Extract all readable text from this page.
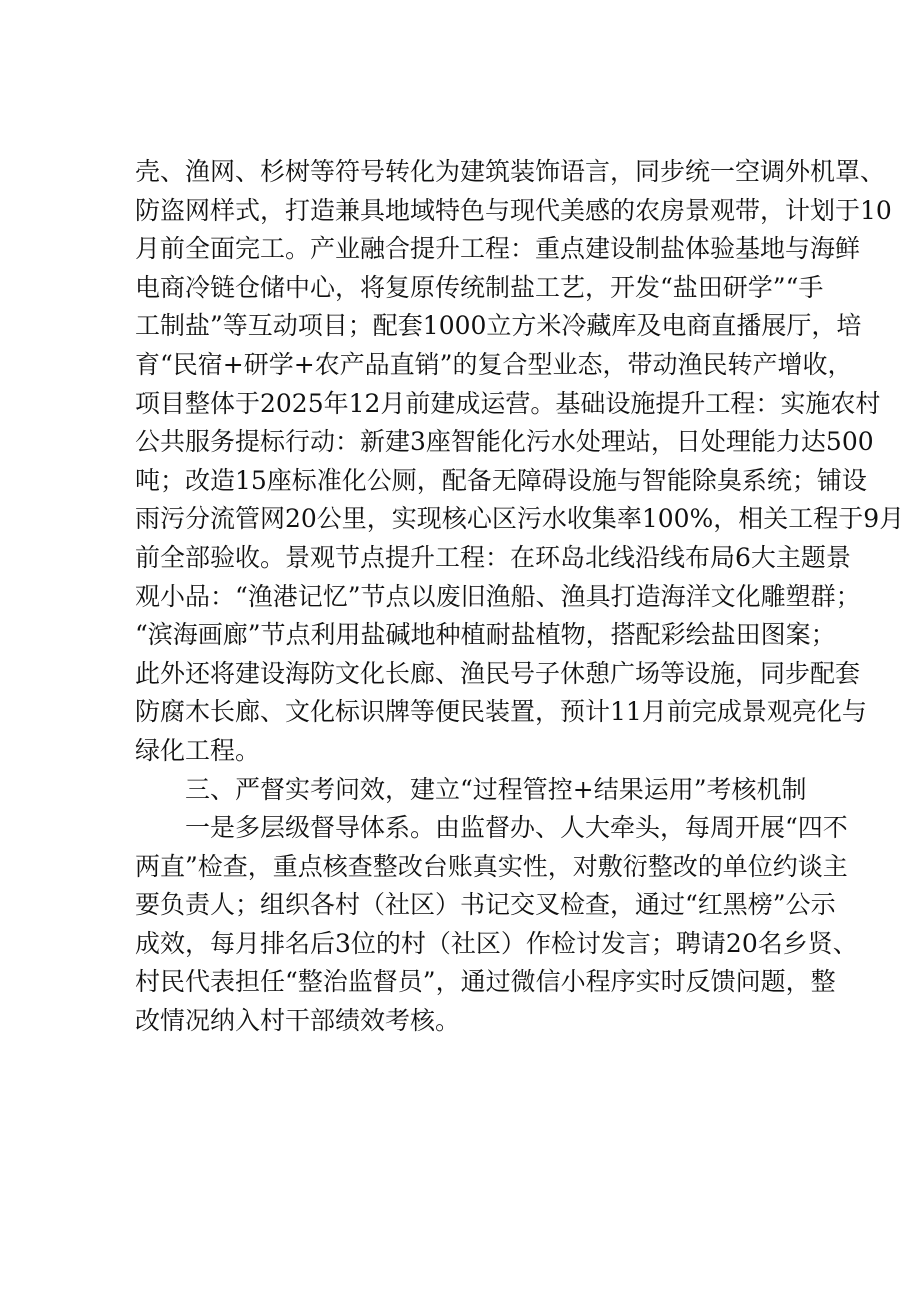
壳、渔网、杉树等符号转化为建筑装饰语言，同步统一空调外机罩、
防盗网样式，打造兼具地域特色与现代美感的农房景观带，计划于10
月前全面完工。产业融合提升工程：重点建设制盐体验基地与海鲜
电商冷链仓储中心，将复原传统制盐工艺，开发“盐田研学”“手
工制盐”等互动项目；配套1000立方米冷藏库及电商直播展厅，培
育“民宿+研学+农产品直销”的复合型业态，带动渔民转产增收，
项目整体于2025年12月前建成运营。基础设施提升工程：实施农村
公共服务提标行动：新建3座智能化污水处理站，日处理能力达500
吨；改造15座标准化公厕，配备无障碍设施与智能除臭系统；铺设
雨污分流管网20公里，实现核心区污水收集率100%，相关工程于9月
前全部验收。景观节点提升工程：在环岛北线沿线布局6大主题景
观小品：“渔港记忆”节点以废旧渔船、渔具打造海洋文化雕塑群；
“滨海画廊”节点利用盐碱地种植耐盐植物，搭配彩绘盐田图案；
此外还将建设海防文化长廊、渔民号子休憩广场等设施，同步配套
防腐木长廊、文化标识牌等便民装置，预计11月前完成景观亮化与
绿化工程。
三、严督实考问效，建立“过程管控+结果运用”考核机制
一是多层级督导体系。由监督办、人大牵头，每周开展“四不
两直”检查，重点核查整改台账真实性，对敷衍整改的单位约谈主
要负责人；组织各村（社区）书记交叉检查，通过“红黑榜”公示
成效，每月排名后3位的村（社区）作检讨发言；聘请20名乡贤、
村民代表担任“整治监督员”，通过微信小程序实时反馈问题，整
改情况纳入村干部绩效考核。
